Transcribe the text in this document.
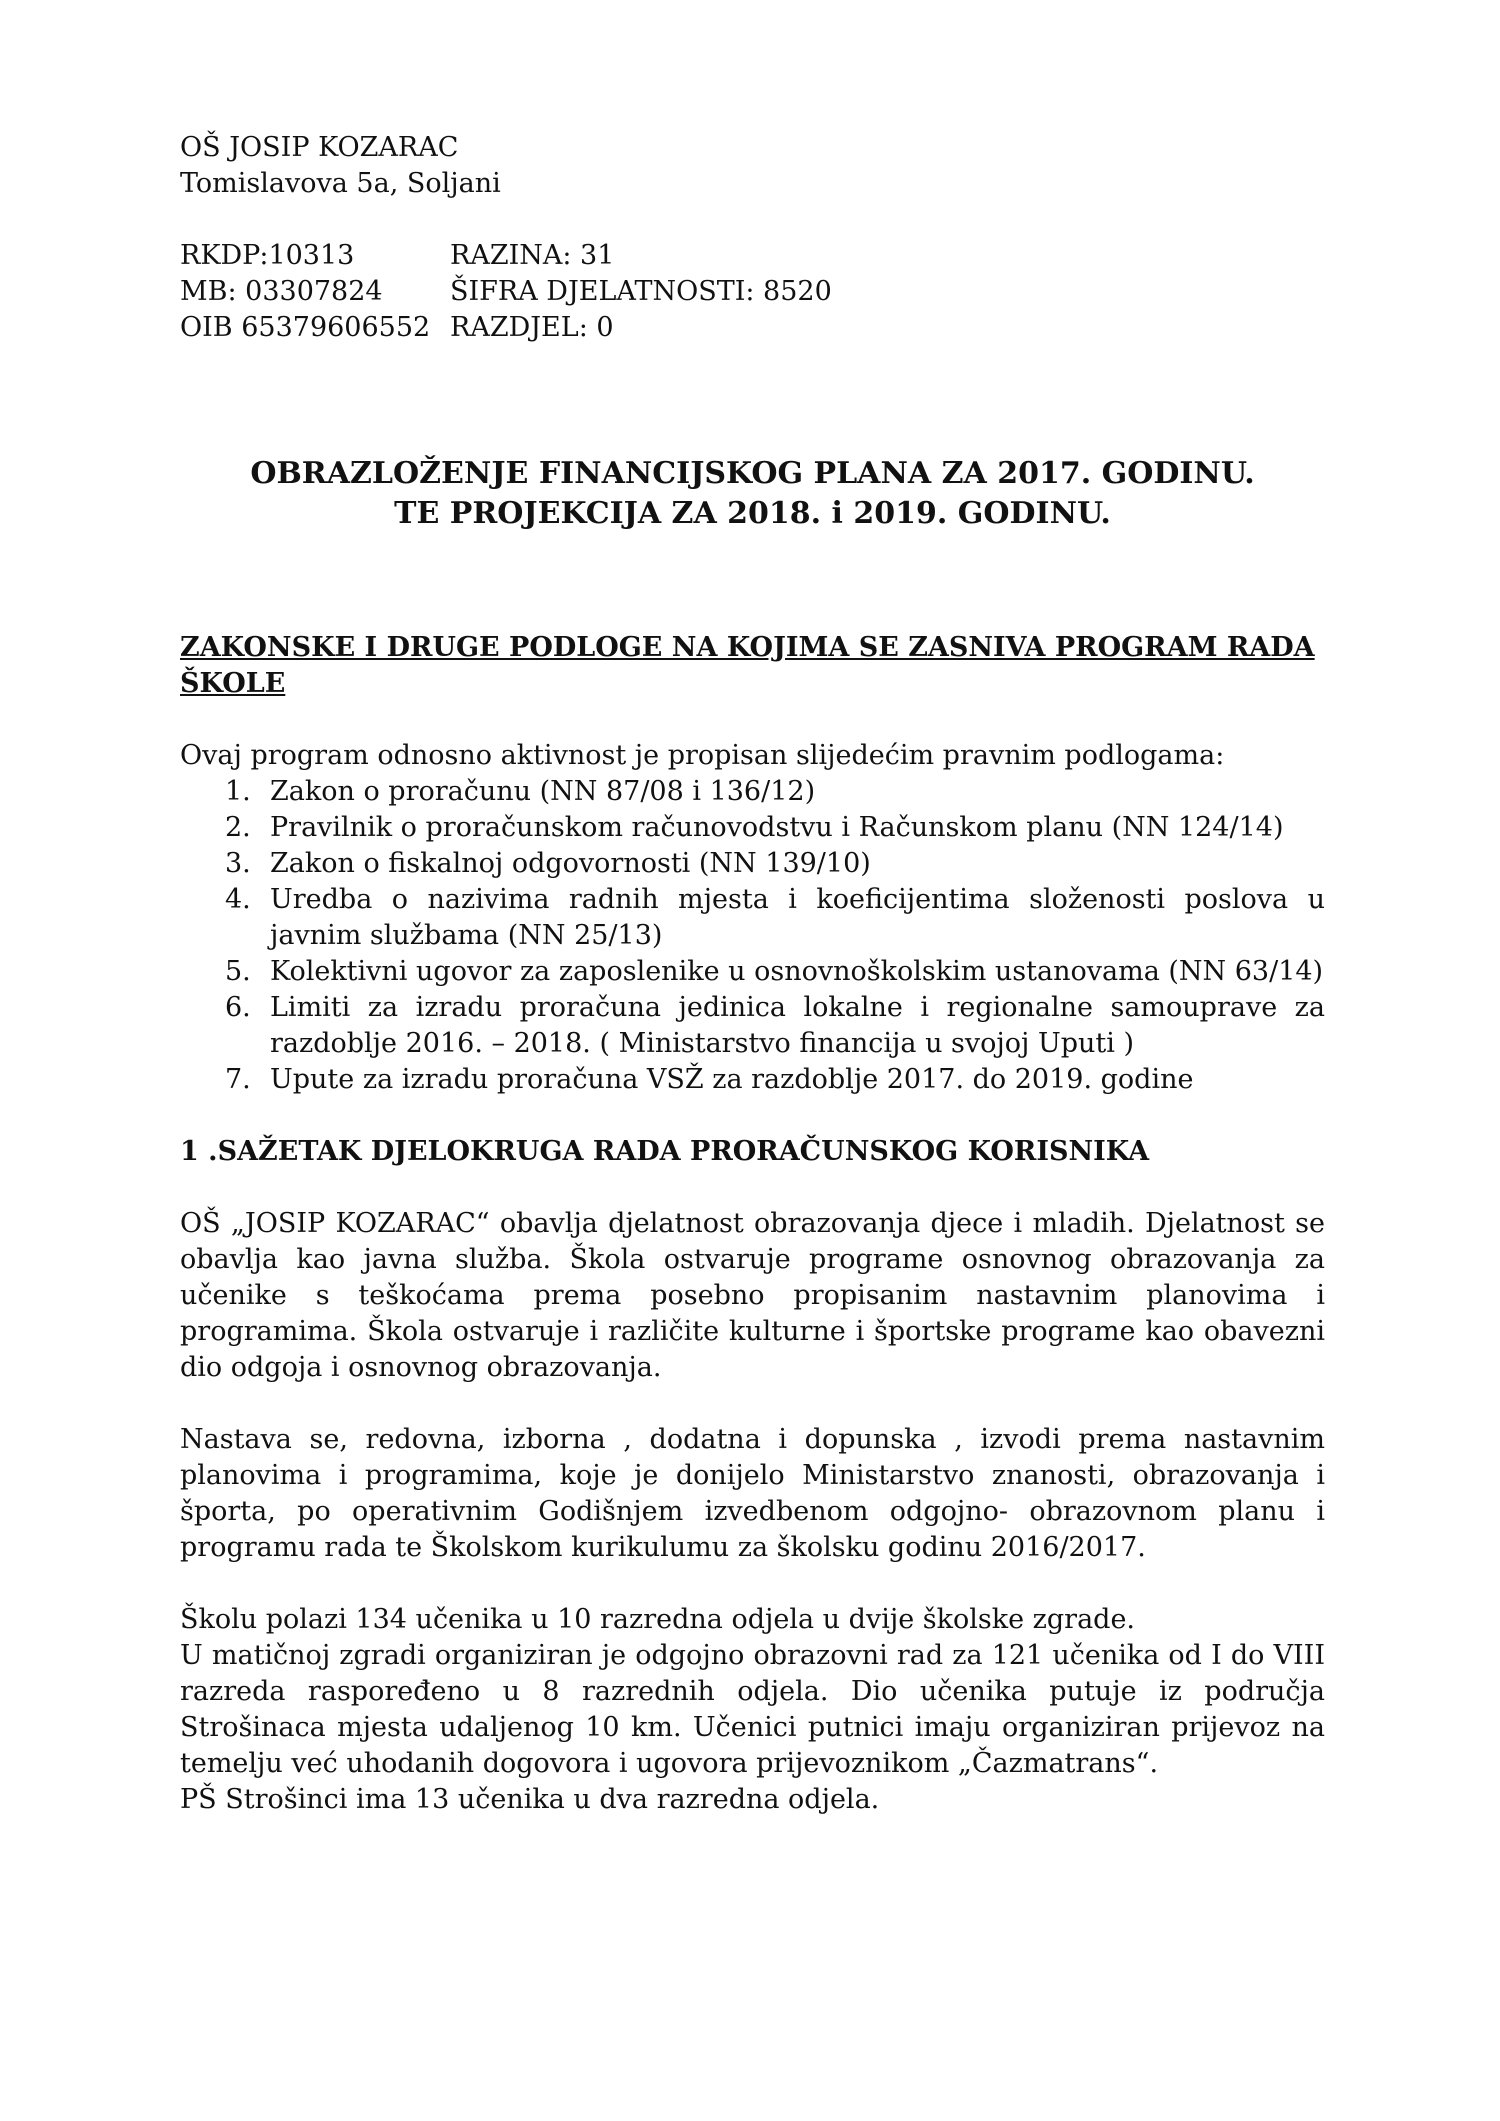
OŠ JOSIP KOZARAC
Tomislavova 5a, Soljani
RKDP:10313	RAZINA: 31
MB: 03307824	ŠIFRA DJELATNOSTI: 8520
OIB 65379606552 RAZDJEL: 0
OBRAZLOŽENJE FINANCIJSKOG PLANA ZA 2017. GODINU.
TE PROJEKCIJA ZA 2018. i 2019. GODINU.
ZAKONSKE I DRUGE PODLOGE NA KOJIMA SE ZASNIVA PROGRAM RADA ŠKOLE
Ovaj program odnosno aktivnost je propisan slijedećim pravnim podlogama:
1. Zakon o proračunu (NN 87/08 i 136/12)
2. Pravilnik o proračunskom računovodstvu i Računskom planu (NN 124/14)
3. Zakon o fiskalnoj odgovornosti (NN 139/10)
4. Uredba o nazivima radnih mjesta i koeficijentima složenosti poslova u javnim službama (NN 25/13)
5. Kolektivni ugovor za zaposlenike u osnovnoškolskim ustanovama (NN 63/14)
6. Limiti za izradu proračuna jedinica lokalne i regionalne samouprave za razdoblje 2016. – 2018. ( Ministarstvo financija u svojoj Uputi )
7. Upute za izradu proračuna VSŽ za razdoblje 2017. do 2019. godine
1 .SAŽETAK DJELOKRUGA RADA PRORAČUNSKOG KORISNIKA

OŠ „JOSIP KOZARAC“ obavlja djelatnost obrazovanja djece i mladih. Djelatnost se obavlja kao javna služba. Škola ostvaruje programe osnovnog obrazovanja za učenike s teškoćama prema posebno propisanim nastavnim planovima i programima. Škola ostvaruje i različite kulturne i športske programe kao obavezni dio odgoja i osnovnog obrazovanja.

Nastava se, redovna, izborna , dodatna i dopunska , izvodi prema nastavnim planovima i programima, koje je donijelo Ministarstvo znanosti, obrazovanja i športa, po operativnim Godišnjem izvedbenom odgojno- obrazovnom planu i programu rada te Školskom kurikulumu za školsku godinu 2016/2017.

Školu polazi 134 učenika u 10 razredna odjela u dvije školske zgrade.
U matičnoj zgradi organiziran je odgojno obrazovni rad za 121 učenika od I do VIII razreda raspoređeno u 8 razrednih odjela. Dio učenika putuje iz područja Strošinaca mjesta udaljenog 10 km. Učenici putnici imaju organiziran prijevoz na temelju već uhodanih dogovora i ugovora prijevoznikom „Čazmatrans“.
PŠ Strošinci ima 13 učenika u dva razredna odjela.
